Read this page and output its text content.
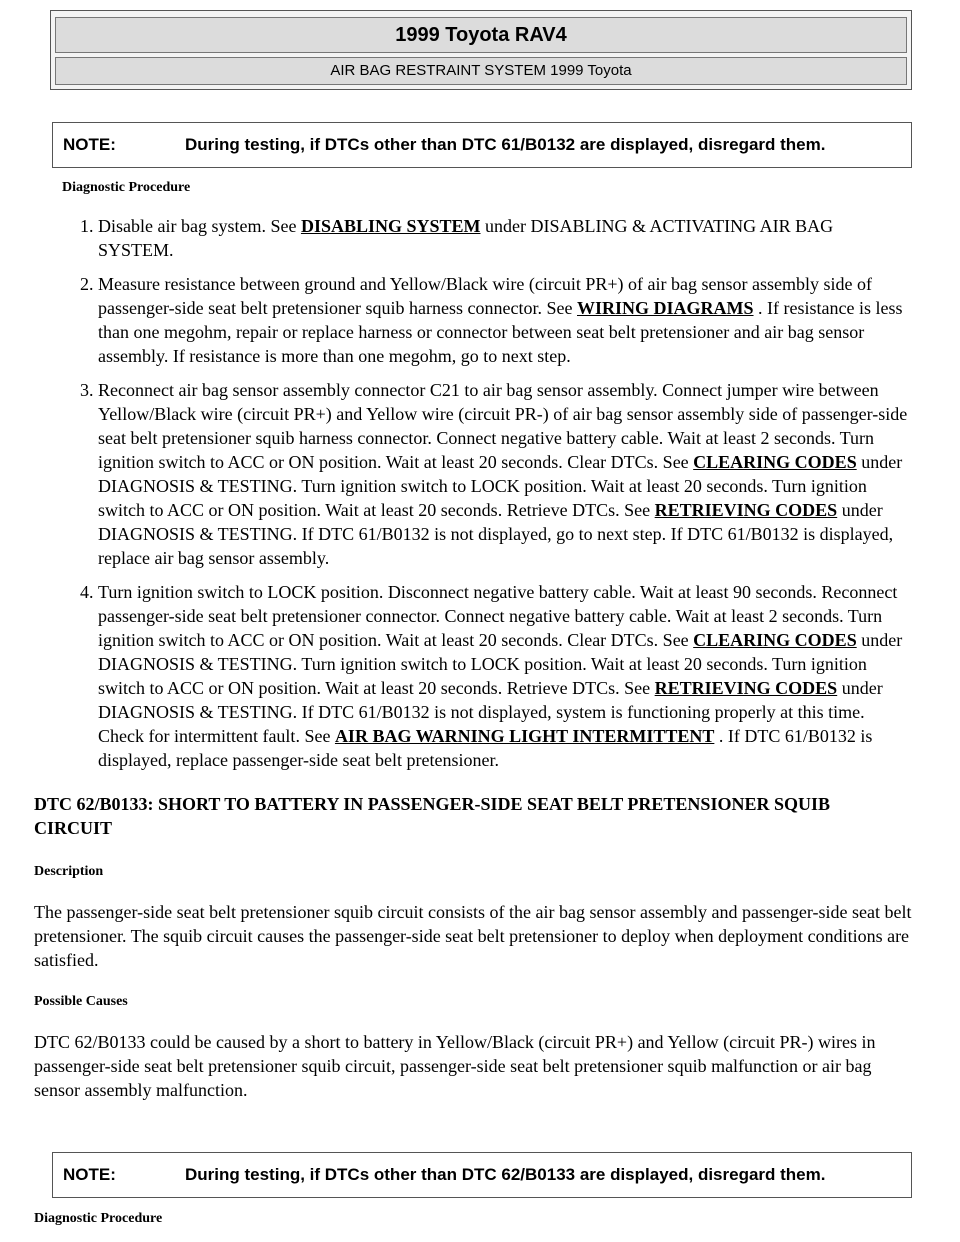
1999 Toyota RAV4
AIR BAG RESTRAINT SYSTEM 1999 Toyota
NOTE:	During testing, if DTCs other than DTC 61/B0132 are displayed, disregard them.

Diagnostic Procedure

1. Disable air bag system. See DISABLING SYSTEM under DISABLING & ACTIVATING AIR BAG SYSTEM.
2. Measure resistance between ground and Yellow/Black wire (circuit PR+) of air bag sensor assembly side of passenger-side seat belt pretensioner squib harness connector. See WIRING DIAGRAMS . If resistance is less than one megohm, repair or replace harness or connector between seat belt pretensioner and air bag sensor assembly. If resistance is more than one megohm, go to next step.
3. Reconnect air bag sensor assembly connector C21 to air bag sensor assembly. Connect jumper wire between Yellow/Black wire (circuit PR+) and Yellow wire (circuit PR-) of air bag sensor assembly side of passenger-side seat belt pretensioner squib harness connector. Connect negative battery cable. Wait at least 2 seconds. Turn ignition switch to ACC or ON position. Wait at least 20 seconds. Clear DTCs. See CLEARING CODES under DIAGNOSIS & TESTING. Turn ignition switch to LOCK position. Wait at least 20 seconds. Turn ignition switch to ACC or ON position. Wait at least 20 seconds. Retrieve DTCs. See RETRIEVING CODES under DIAGNOSIS & TESTING. If DTC 61/B0132 is not displayed, go to next step. If DTC 61/B0132 is displayed, replace air bag sensor assembly.
4. Turn ignition switch to LOCK position. Disconnect negative battery cable. Wait at least 90 seconds. Reconnect passenger-side seat belt pretensioner connector. Connect negative battery cable. Wait at least 2 seconds. Turn ignition switch to ACC or ON position. Wait at least 20 seconds. Clear DTCs. See CLEARING CODES under DIAGNOSIS & TESTING. Turn ignition switch to LOCK position. Wait at least 20 seconds. Turn ignition switch to ACC or ON position. Wait at least 20 seconds. Retrieve DTCs. See RETRIEVING CODES under DIAGNOSIS & TESTING. If DTC 61/B0132 is not displayed, system is functioning properly at this time. Check for intermittent fault. See AIR BAG WARNING LIGHT INTERMITTENT . If DTC 61/B0132 is displayed, replace passenger-side seat belt pretensioner.

DTC 62/B0133: SHORT TO BATTERY IN PASSENGER-SIDE SEAT BELT PRETENSIONER SQUIB CIRCUIT

Description

The passenger-side seat belt pretensioner squib circuit consists of the air bag sensor assembly and passenger-side seat belt pretensioner. The squib circuit causes the passenger-side seat belt pretensioner to deploy when deployment conditions are satisfied.

Possible Causes

DTC 62/B0133 could be caused by a short to battery in Yellow/Black (circuit PR+) and Yellow (circuit PR-) wires in passenger-side seat belt pretensioner squib circuit, passenger-side seat belt pretensioner squib malfunction or air bag sensor assembly malfunction.

NOTE:	During testing, if DTCs other than DTC 62/B0133 are displayed, disregard them.

Diagnostic Procedure
